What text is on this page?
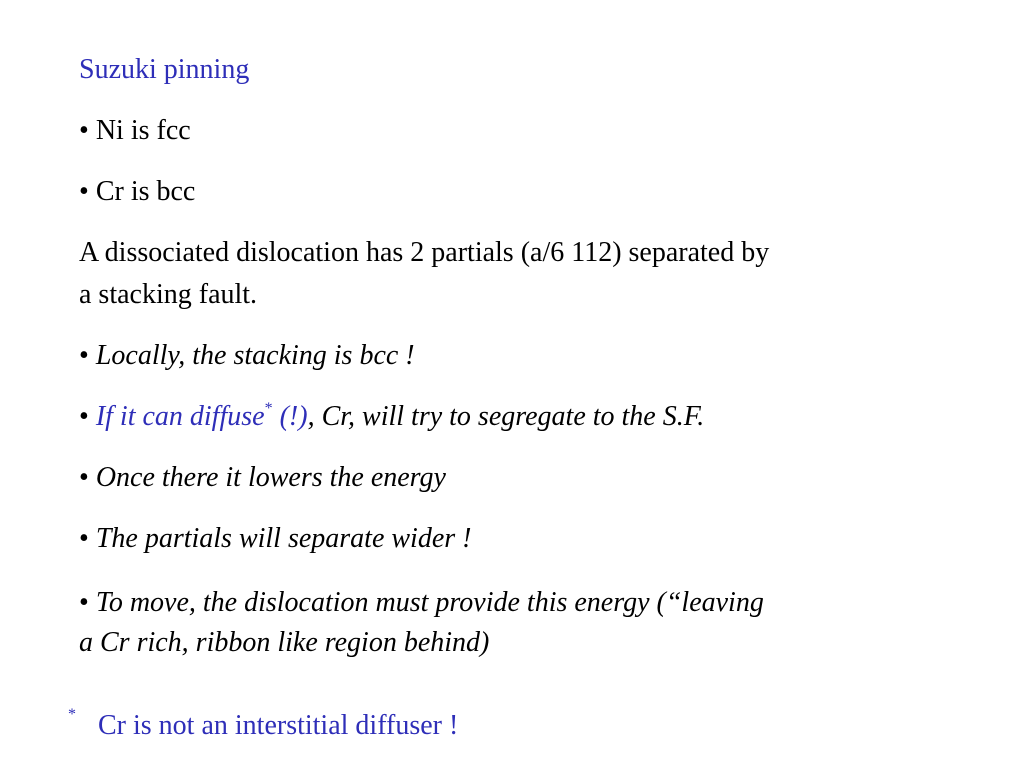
Suzuki pinning
• Ni is fcc
• Cr is bcc
A dissociated dislocation has 2 partials (a/6 112) separated by
a stacking fault.
• Locally, the stacking is bcc !
• If it can diffuse* (!), Cr, will try to segregate to the S.F.
• Once there it lowers the energy
• The partials will separate wider !
• To move, the dislocation must provide this energy (“leaving
a Cr rich, ribbon like region behind)
* Cr is not an interstitial diffuser !
